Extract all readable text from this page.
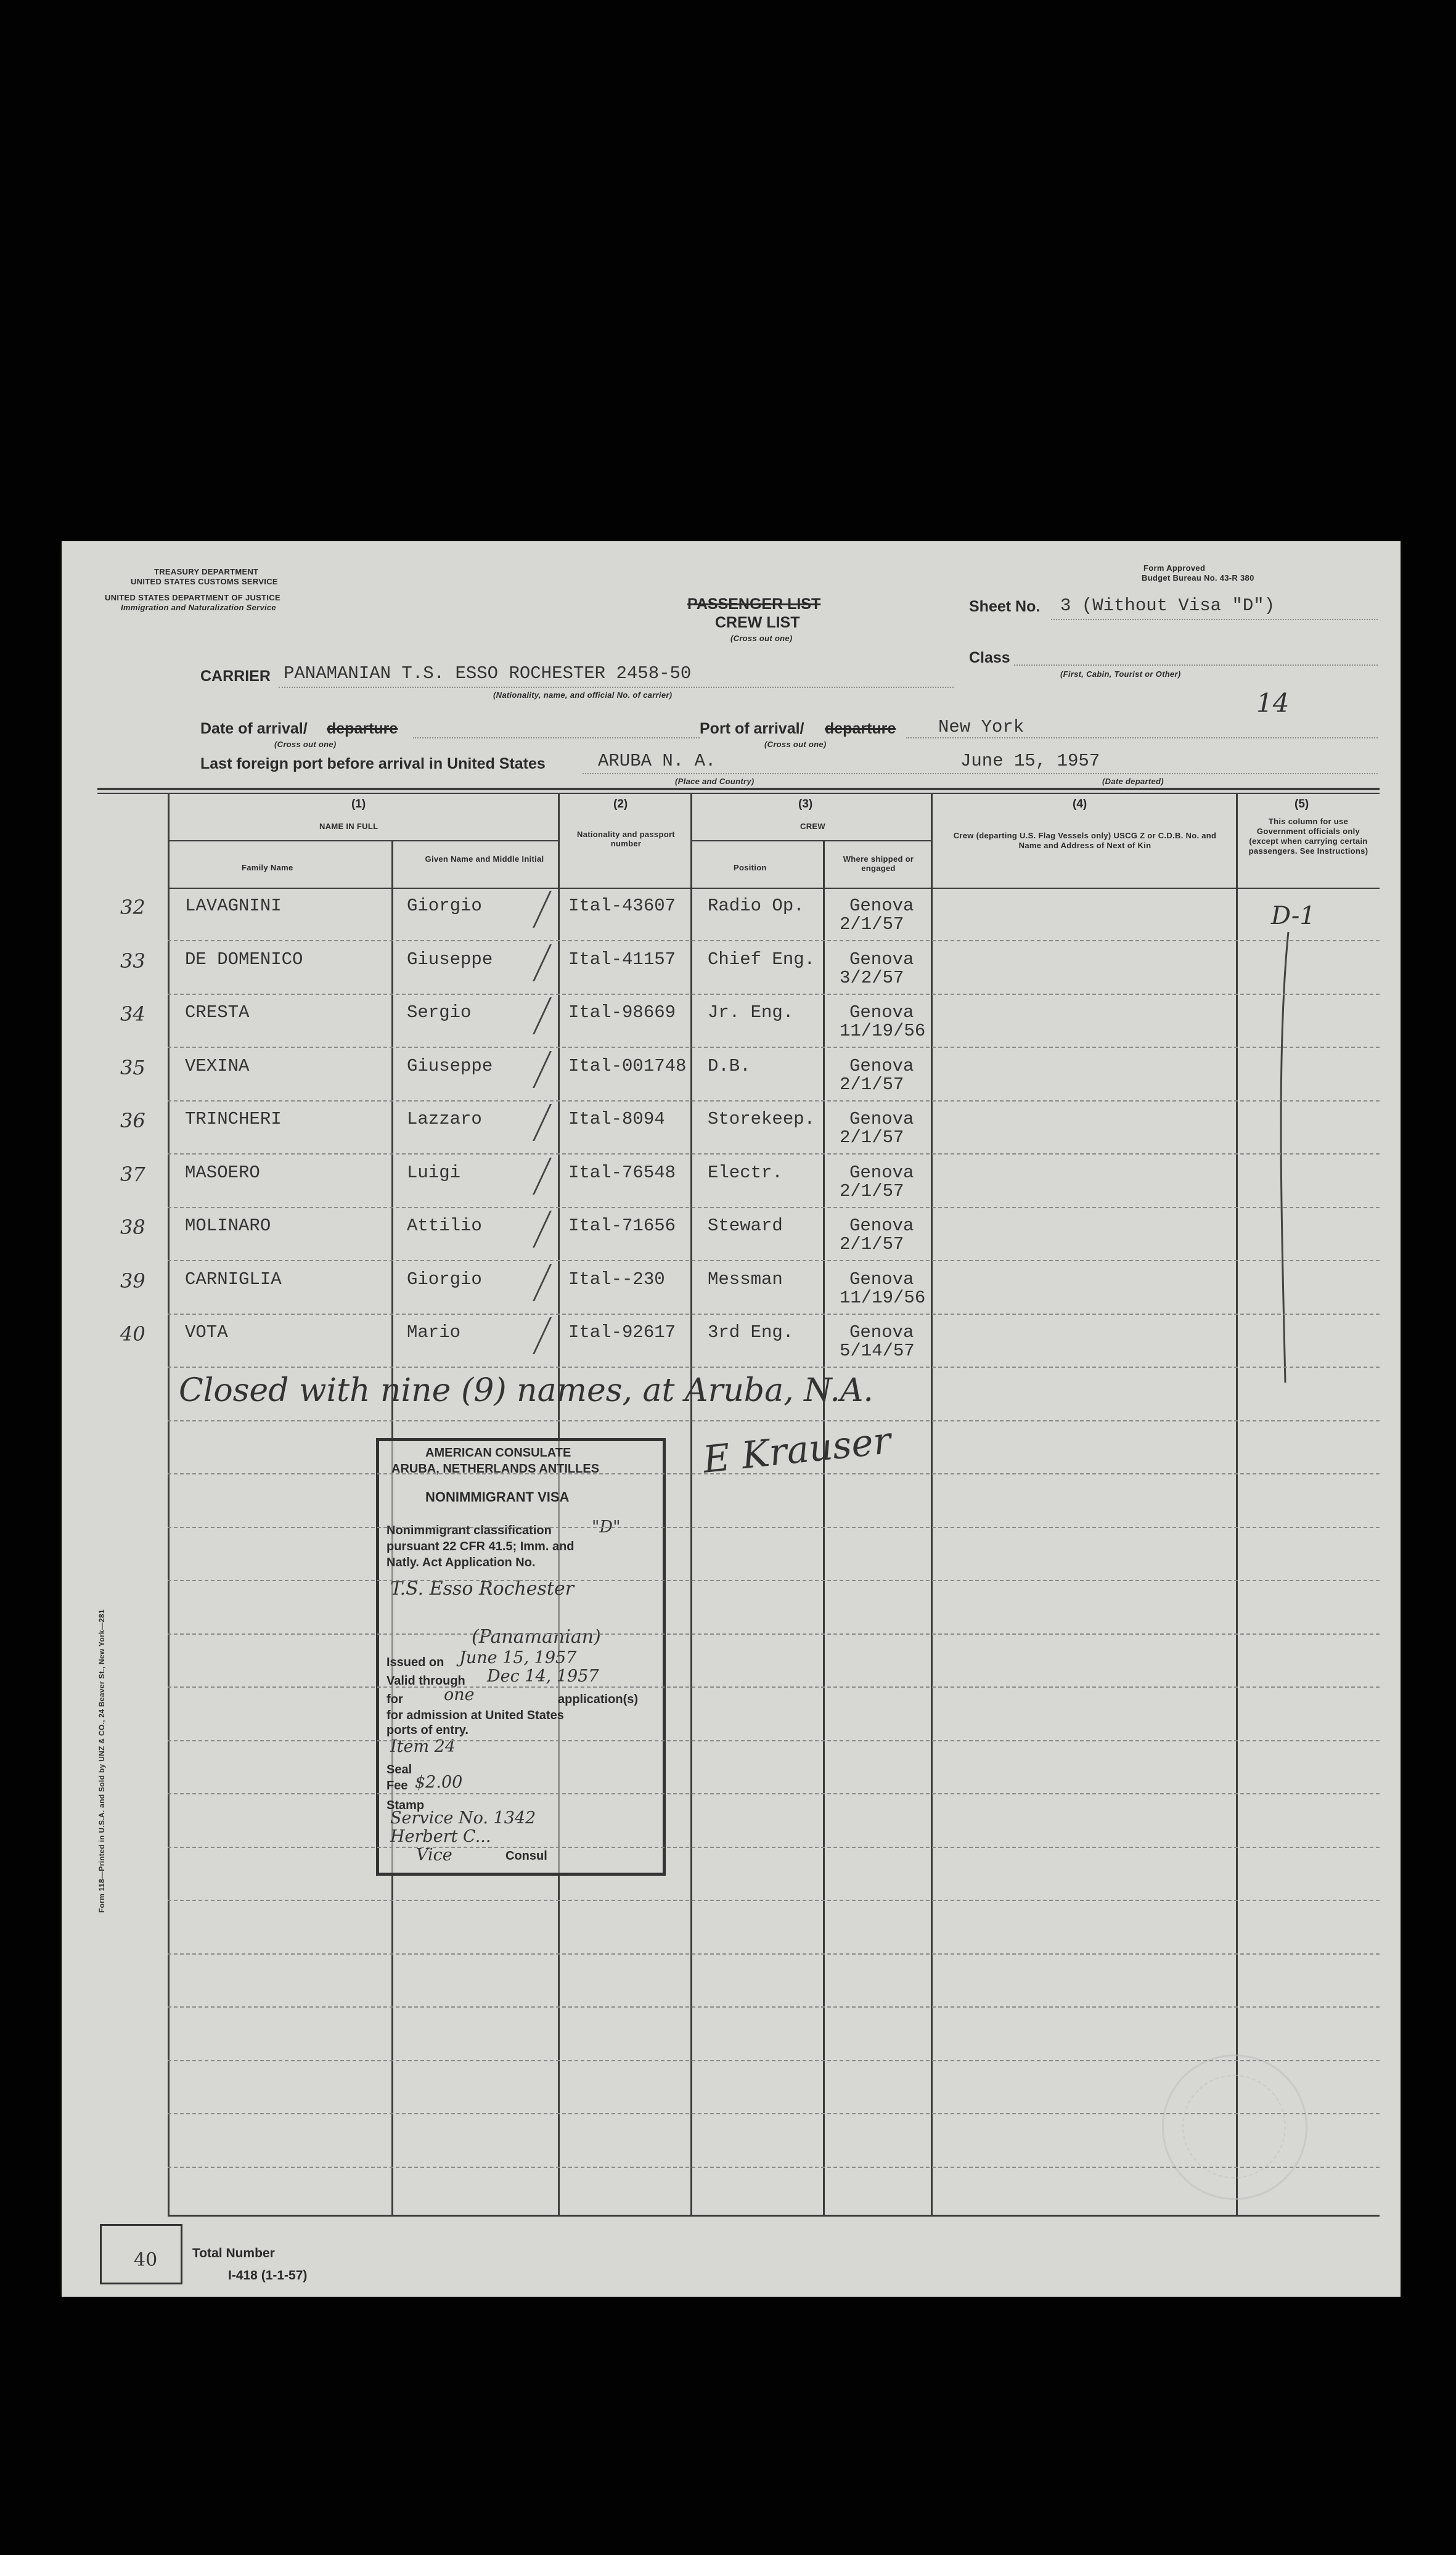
TREASURY DEPARTMENT
UNITED STATES CUSTOMS SERVICE
UNITED STATES DEPARTMENT OF JUSTICE
Immigration and Naturalization Service
Form Approved
Budget Bureau No. 43-R 380
PASSENGER LIST
CREW LIST
(Cross out one)
Sheet No. 3 (Without Visa "D")
Class
(First, Cabin, Tourist or Other)
CARRIER PANAMANIAN T.S. ESSO ROCHESTER 2458-50
(Nationality, name, and official No. of carrier)	14
Date of arrival/ departure
(Cross out one)
Port of arrival/ departure New York
(Cross out one)
Last foreign port before arrival in United States	ARUBA N. A.	June 15, 1957
(Place and Country)	(Date departed)
(1)
NAME IN FULL
Family Name
Given Name and Middle Initial
(2)
Nationality and passport number
(3)
CREW
Position
Where shipped or engaged
(4)
Crew (departing U.S. Flag Vessels only) USCG Z or C.D.B. No. and Name and Address of Next of Kin
(5)
This column for use Government officials only (except when carrying certain passengers. See Instructions)
D-1
Closed with nine (9) names, at Aruba, N.A.
E Krauser
AMERICAN CONSULATE
ARUBA, NETHERLANDS ANTILLES
NONIMMIGRANT VISA
Nonimmigrant classification "D"
pursuant 22 CFR 41.5; Imm. and
Natly. Act Application No.
T.S. Esso Rochester
(Panamanian)
Issued on June 15, 1957
Valid through Dec 14, 1957
for one	application(s)
for admission at United States
ports of entry.
Item 24
Seal
Fee $2.00
Stamp
Service No. 1342
Herbert C...
Vice	Consul
Form 118—Printed in U.S.A. and Sold by UNZ & CO., 24 Beaver St., New York—281
40	Total Number
I-418 (1-1-57)
32 LAVAGNINI	Giorgio	Ital-43607 Radio Op.	Genova
2/1/57
33 DE DOMENICO	Giuseppe	Ital-41157 Chief Eng. Genova
3/2/57
34 CRESTA	Sergio	Ital-98669 Jr. Eng.	Genova
11/19/56
35 VEXINA	Giuseppe	Ital-001748 D.B.	Genova
2/1/57
36 TRINCHERI	Lazzaro	Ital-8094 Storekeep. Genova
2/1/57
37 MASOERO	Luigi	Ital-76548 Electr.	Genova
2/1/57
38 MOLINARO	Attilio	Ital-71656 Steward	Genova
2/1/57
39 CARNIGLIA	Giorgio	Ital--230 Messman	Genova
11/19/56
40 VOTA	Mario	Ital-92617 3rd Eng.	Genova
5/14/57
